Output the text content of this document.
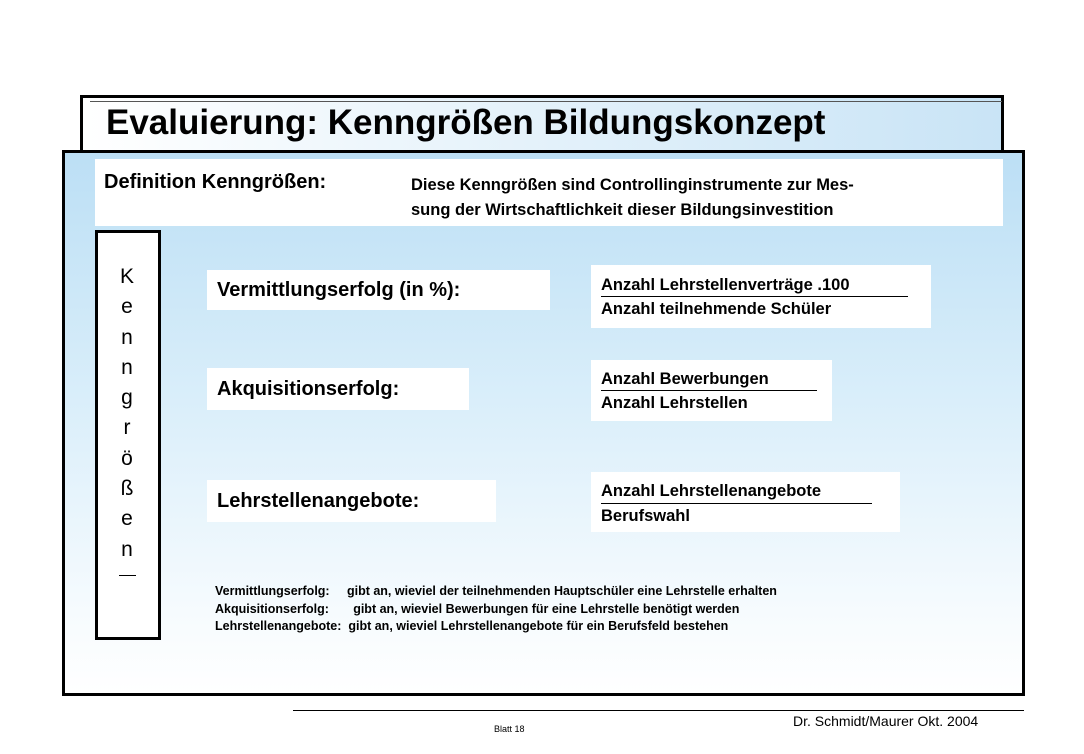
Evaluierung: Kenngrößen Bildungskonzept
Definition Kenngrößen:	Diese Kenngrößen sind Controllinginstrumente zur Mes-
sung der Wirtschaftlichkeit dieser Bildungsinvestition
K
e
n
n
g
r
ö
ß
e
n
Vermittlungserfolg (in %):
Akquisitionserfolg:
Lehrstellenangebote:
Anzahl Lehrstellenverträge .100
Anzahl teilnehmende Schüler
Anzahl Bewerbungen
Anzahl Lehrstellen
Anzahl Lehrstellenangebote
Berufswahl
Vermittlungserfolg:     gibt an, wieviel der teilnehmenden Hauptschüler eine Lehrstelle erhalten
Akquisitionserfolg:       gibt an, wieviel Bewerbungen für eine Lehrstelle benötigt werden
Lehrstellenangebote:  gibt an, wieviel Lehrstellenangebote für ein Berufsfeld bestehen
Blatt 18	Dr. Schmidt/Maurer Okt. 2004
